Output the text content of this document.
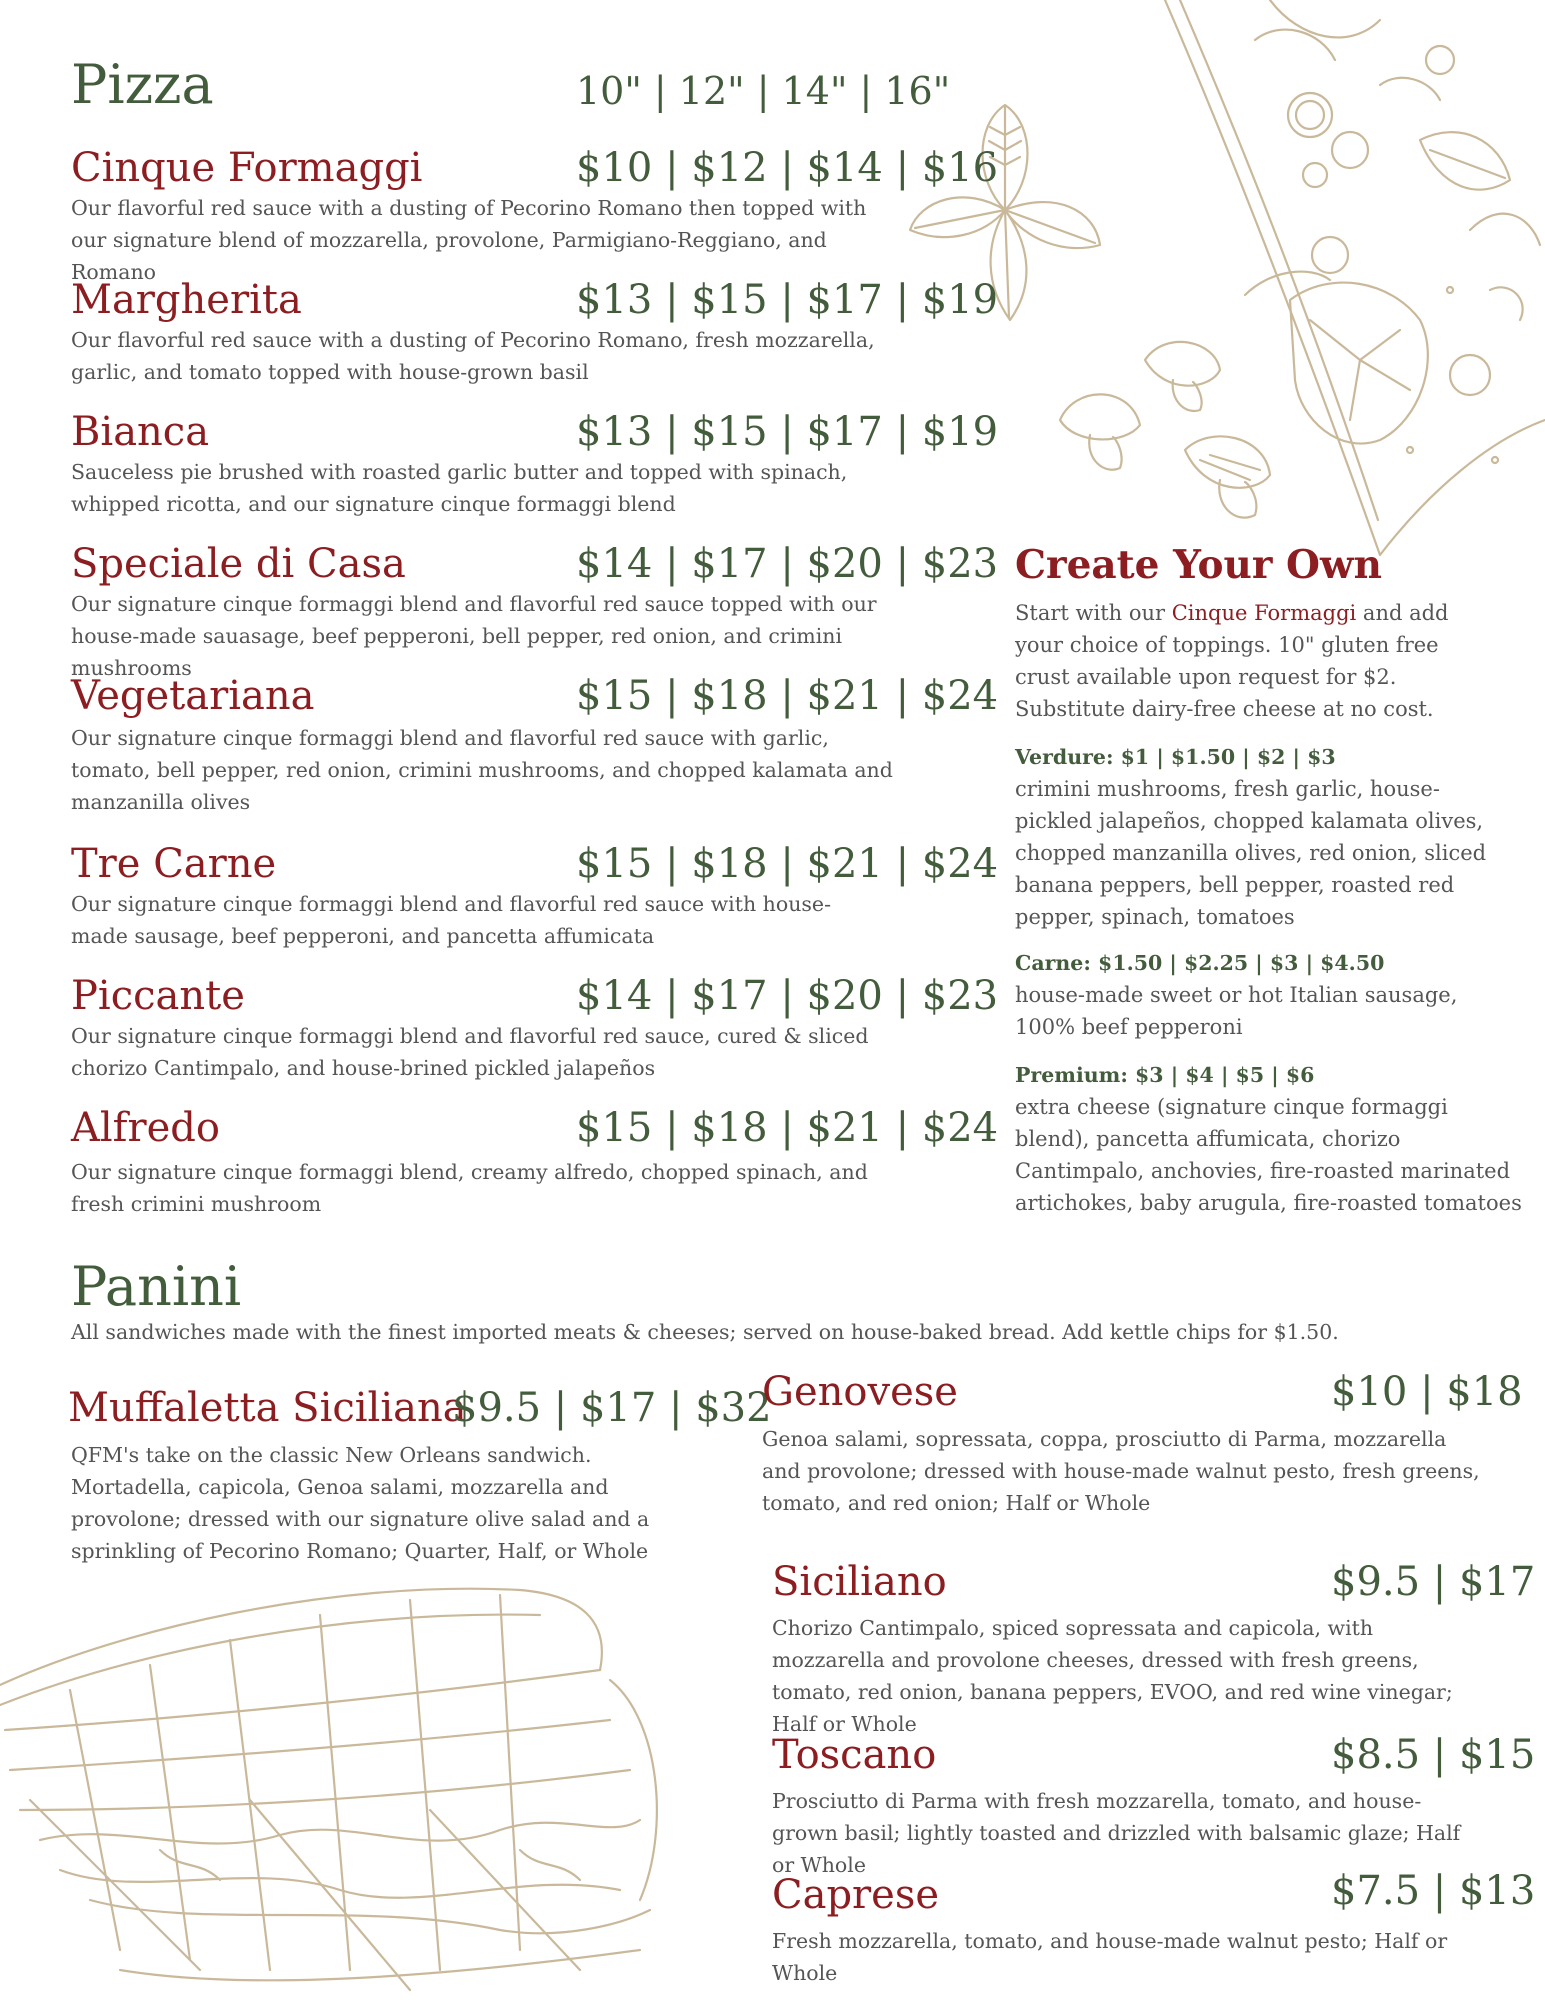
Pizza	10" | 12" | 14" | 16"
Cinque Formaggi	$10 | $12 | $14 | $16
Our flavorful red sauce with a dusting of Pecorino Romano then topped with our signature blend of mozzarella, provolone, Parmigiano-Reggiano, and Romano
Margherita	$13 | $15 | $17 | $19
Our flavorful red sauce with a dusting of Pecorino Romano, fresh mozzarella, garlic, and tomato topped with house-grown basil
Bianca	$13 | $15 | $17 | $19
Sauceless pie brushed with roasted garlic butter and topped with spinach, whipped ricotta, and our signature cinque formaggi blend
Speciale di Casa	$14 | $17 | $20 | $23
Our signature cinque formaggi blend and flavorful red sauce topped with our house-made sauasage, beef pepperoni, bell pepper, red onion, and crimini mushrooms
Vegetariana	$15 | $18 | $21 | $24
Our signature cinque formaggi blend and flavorful red sauce with garlic, tomato, bell pepper, red onion, crimini mushrooms, and chopped kalamata and manzanilla olives
Tre Carne	$15 | $18 | $21 | $24
Our signature cinque formaggi blend and flavorful red sauce with house-made sausage, beef pepperoni, and pancetta affumicata
Piccante	$14 | $17 | $20 | $23
Our signature cinque formaggi blend and flavorful red sauce, cured & sliced chorizo Cantimpalo, and house-brined pickled jalapeños
Alfredo	$15 | $18 | $21 | $24
Our signature cinque formaggi blend, creamy alfredo, chopped spinach, and fresh crimini mushroom
Create Your Own
Start with our Cinque Formaggi and add your choice of toppings. 10" gluten free crust available upon request for $2. Substitute dairy-free cheese at no cost.
Verdure: $1 | $1.50 | $2 | $3
crimini mushrooms, fresh garlic, house-pickled jalapeños, chopped kalamata olives, chopped manzanilla olives, red onion, sliced banana peppers, bell pepper, roasted red pepper, spinach, tomatoes
Carne: $1.50 | $2.25 | $3 | $4.50
house-made sweet or hot Italian sausage, 100% beef pepperoni
Premium: $3 | $4 | $5 | $6
extra cheese (signature cinque formaggi blend), pancetta affumicata, chorizo Cantimpalo, anchovies, fire-roasted marinated artichokes, baby arugula, fire-roasted tomatoes
Panini
All sandwiches made with the finest imported meats & cheeses; served on house-baked bread. Add kettle chips for $1.50.
Muffaletta Siciliana
$9.5 | $17 | $32
QFM's take on the classic New Orleans sandwich. Mortadella, capicola, Genoa salami, mozzarella and provolone; dressed with our signature olive salad and a sprinkling of Pecorino Romano; Quarter, Half, or Whole
Genovese	$10 | $18
Genoa salami, sopressata, coppa, prosciutto di Parma, mozzarella and provolone; dressed with house-made walnut pesto, fresh greens, tomato, and red onion; Half or Whole
Siciliano	$9.5 | $17
Chorizo Cantimpalo, spiced sopressata and capicola, with mozzarella and provolone cheeses, dressed with fresh greens, tomato, red onion, banana peppers, EVOO, and red wine vinegar; Half or Whole
Toscano	$8.5 | $15
Prosciutto di Parma with fresh mozzarella, tomato, and house-grown basil; lightly toasted and drizzled with balsamic glaze; Half or Whole
Caprese	$7.5 | $13
Fresh mozzarella, tomato, and house-made walnut pesto; Half or Whole
